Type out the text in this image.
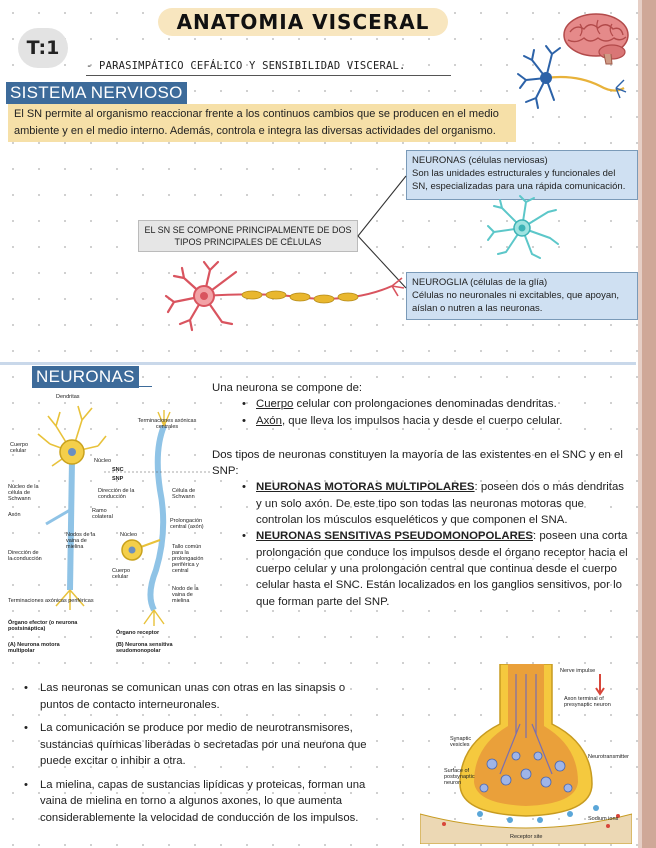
ANATOMIA VISCERAL
T:1
- PARASIMPÁTICO CEFÁLICO Y SENSIBILIDAD VISCERAL.
SISTEMA NERVIOSO
El SN permite al organismo reaccionar frente a los continuos cambios que se producen en el medio ambiente y en el medio interno. Además, controla e integra las diversas actividades del organismo.
NEURONAS (células nerviosas)
Son las unidades estructurales y funcionales del SN, especializadas para una rápida comunicación.
NEUROGLIA (células de la glía)
Células no neuronales ni excitables, que apoyan, aíslan o nutren a las neuronas.
EL SN SE COMPONE PRINCIPALMENTE DE DOS TIPOS PRINCIPALES DE CÉLULAS
NEURONAS
Dendritas
Terminaciones axónicas centrales
Cuerpo celular
Núcleo
SNC
SNP
Núcleo de la célula de Schwann
Axón
Dirección de la conducción
Célula de Schwann
Ramo colateral
Prolongación central (axón)
Nodos de la vaina de mielina
Núcleo
Tallo común para la prolongación periférica y central
Dirección de la conducción
Cuerpo celular
Nodo de la vaina de mielina
Terminaciones axónicas periféricas
Órgano efector (o neurona postsináptica)
Órgano receptor
(A) Neurona motora multipolar
(B) Neurona sensitiva seudomonopolar

Una neurona se compone de:

• Cuerpo celular con prolongaciones denominadas dendritas.
• Axón, que lleva los impulsos hacia y desde el cuerpo celular.

Dos tipos de neuronas constituyen la mayoría de las existentes en el SNC y en el SNP:

• NEURONAS MOTORAS MULTIPOLARES: poseen dos o más dendritas y un solo axón. De este tipo son todas las neuronas motoras que controlan los músculos esqueléticos y que componen el SNA.
• NEURONAS SENSITIVAS PSEUDOMONOPOLARES: poseen una corta prolongación que conduce los impulsos desde el órgano receptor hacia el cuerpo celular y una prolongación central que continua desde el cuerpo celular hasta el SNC. Están localizados en los ganglios sensitivos, por lo que forman parte del SNP.
• Las neuronas se comunican unas con otras en las sinapsis o puntos de contacto interneuronales.
• La comunicación se produce por medio de neurotransmisores, sustancias químicas liberadas o secretadas por una neurona que puede excitar o inhibir a otra.
• La mielina, capas de sustancias lipídicas y proteicas, forman una vaina de mielina en torno a algunos axones, lo que aumenta considerablemente la velocidad de conducción de los impulsos.
Nerve impulse
Axon terminal of presynaptic neuron
Synaptic vesicles
Neurotransmitter
Surface of postsynaptic neuron
Sodium ions
Receptor site
